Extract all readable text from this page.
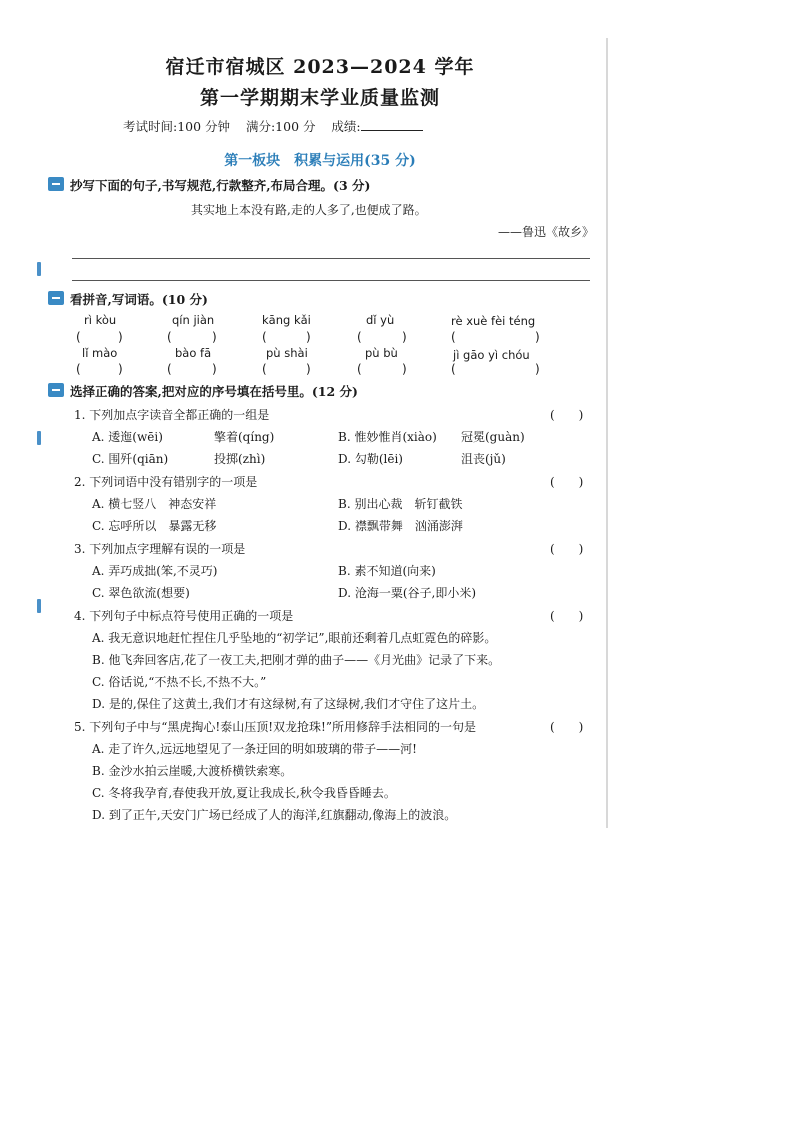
宿迁市宿城区 2023—2024 学年
第一学期期末学业质量监测
考试时间:100 分钟 满分:100 分 成绩:
第一板块　积累与运用(35 分)
抄写下面的句子,书写规范,行款整齐,布局合理。(3 分)
其实地上本没有路,走的人多了,也便成了路。
——鲁迅《故乡》
看拼音,写词语。(10 分)
rì kòu	qín jiàn	kāng kǎi	dǐ yù	rè xuè fèi téng
(	)	(	)	(	)	(	)	(	)
lǐ mào	bào fā	pù shài	pù bù	jì gāo yì chóu
(	)	(	)	(	)	(	)	(	)
选择正确的答案,把对应的序号填在括号里。(12 分)
1. 下列加点字读音全都正确的一组是	(　　)
A. 逶迤(wēi)	擎着(qíng)	B. 惟妙惟肖(xiào) 冠冕(guàn)
C. 围歼(qiān)	投掷(zhì)	D. 勾勒(lēi)	沮丧(jǔ)
2. 下列词语中没有错别字的一项是	(　　)
A. 横七竖八　神态安祥	B. 别出心裁　斩钉截铁
C. 忘呼所以　暴露无移	D. 襟飘带舞　汹涌澎湃
3. 下列加点字理解有误的一项是	(　　)
A. 弄巧成拙(笨,不灵巧)	B. 素不知道(向来)
C. 翠色欲流(想要)	D. 沧海一粟(谷子,即小米)
4. 下列句子中标点符号使用正确的一项是	(　　)
A. 我无意识地赶忙捏住几乎坠地的“初学记”,眼前还剩着几点虹霓色的碎影。
B. 他飞奔回客店,花了一夜工夫,把刚才弹的曲子——《月光曲》记录了下来。
C. 俗话说,“不热不长,不热不大。”
D. 是的,保住了这黄土,我们才有这绿树,有了这绿树,我们才守住了这片土。
5. 下列句子中与“黑虎掏心!泰山压顶!双龙抢珠!”所用修辞手法相同的一句是	(　　)
A. 走了许久,远远地望见了一条迂回的明如玻璃的带子——河!
B. 金沙水拍云崖暖,大渡桥横铁索寒。
C. 冬将我孕育,春使我开放,夏让我成长,秋令我昏昏睡去。
D. 到了正午,天安门广场已经成了人的海洋,红旗翻动,像海上的波浪。
